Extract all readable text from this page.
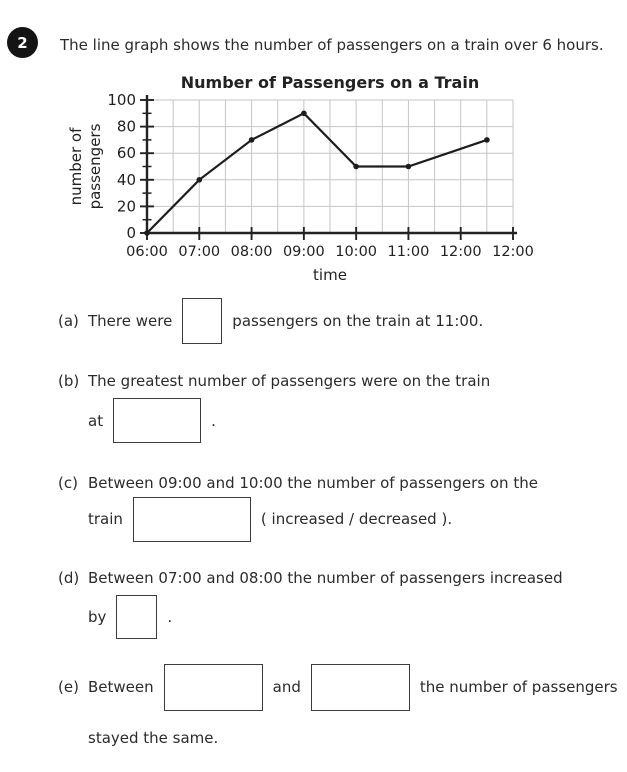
2	The line graph shows the number of passengers on a train over 6 hours.
Number of Passengers on a Train
0
20
40
60
80
100
06:00 07:00 08:00 09:00 10:00 11:00 12:00 12:00
time
number of passengers
(a) There were	passengers on the train at 11:00.
(b) The greatest number of passengers were on the train
at	.
(c) Between 09:00 and 10:00 the number of passengers on the
train	( increased / decreased ).
(d) Between 07:00 and 08:00 the number of passengers increased
by	.
(e) Between	and	the number of passengers
stayed the same.
